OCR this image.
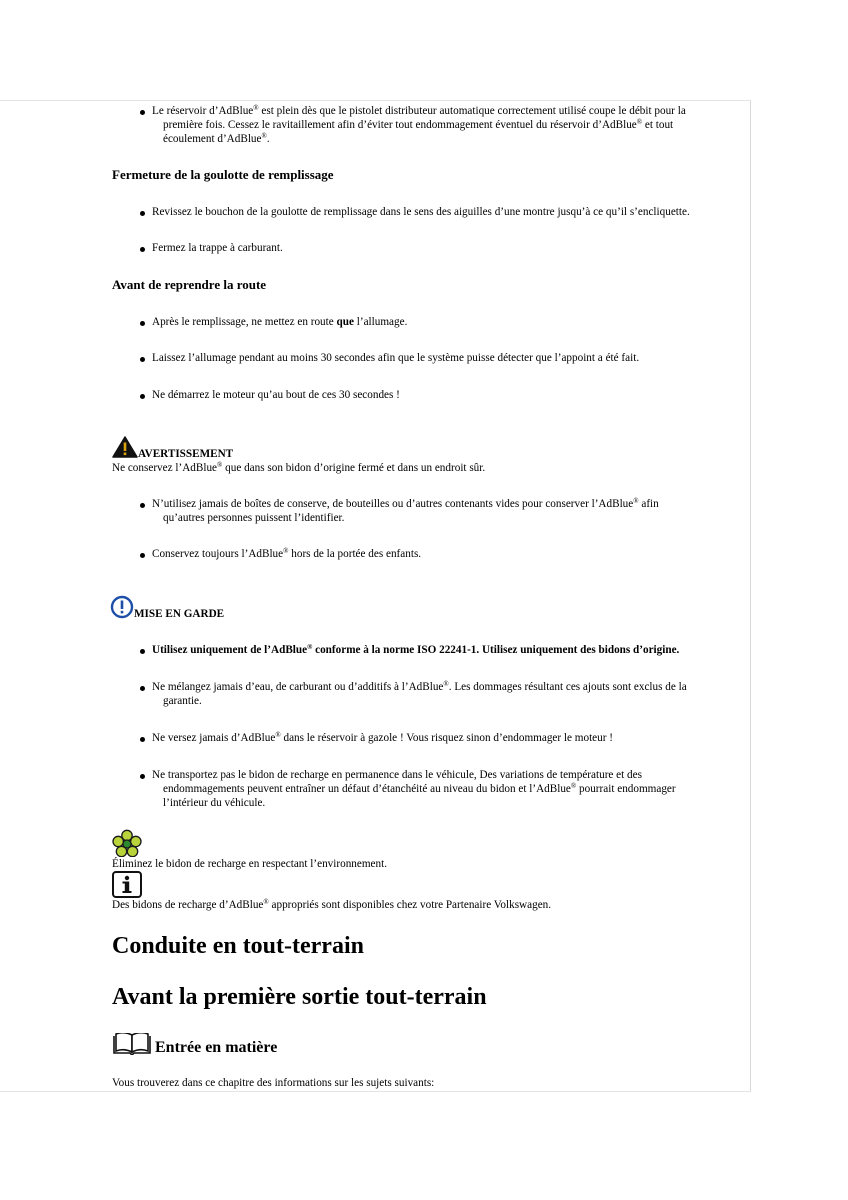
Le réservoir d’AdBlue® est plein dès que le pistolet distributeur automatique correctement utilisé coupe le débit pour la
première fois. Cessez le ravitaillement afin d’éviter tout endommagement éventuel du réservoir d’AdBlue® et tout
écoulement d’AdBlue®.
Fermeture de la goulotte de remplissage
Revissez le bouchon de la goulotte de remplissage dans le sens des aiguilles d’une montre jusqu’à ce qu’il s’encliquette.
Fermez la trappe à carburant.
Avant de reprendre la route
Après le remplissage, ne mettez en route que l’allumage.
Laissez l’allumage pendant au moins 30 secondes afin que le système puisse détecter que l’appoint a été fait.
Ne démarrez le moteur qu’au bout de ces 30 secondes !
AVERTISSEMENT
Ne conservez l’AdBlue® que dans son bidon d’origine fermé et dans un endroit sûr.
N’utilisez jamais de boîtes de conserve, de bouteilles ou d’autres contenants vides pour conserver l’AdBlue® afin
qu’autres personnes puissent l’identifier.
Conservez toujours l’AdBlue® hors de la portée des enfants.
MISE EN GARDE
Utilisez uniquement de l’AdBlue® conforme à la norme ISO 22241-1. Utilisez uniquement des bidons d’origine.
Ne mélangez jamais d’eau, de carburant ou d’additifs à l’AdBlue®. Les dommages résultant ces ajouts sont exclus de la
garantie.
Ne versez jamais d’AdBlue® dans le réservoir à gazole ! Vous risquez sinon d’endommager le moteur !
Ne transportez pas le bidon de recharge en permanence dans le véhicule, Des variations de température et des
endommagements peuvent entraîner un défaut d’étanchéité au niveau du bidon et l’AdBlue® pourrait endommager
l’intérieur du véhicule.
Éliminez le bidon de recharge en respectant l’environnement.
Des bidons de recharge d’AdBlue® appropriés sont disponibles chez votre Partenaire Volkswagen.
Conduite en tout-terrain
Avant la première sortie tout-terrain
Entrée en matière
Vous trouverez dans ce chapitre des informations sur les sujets suivants:
